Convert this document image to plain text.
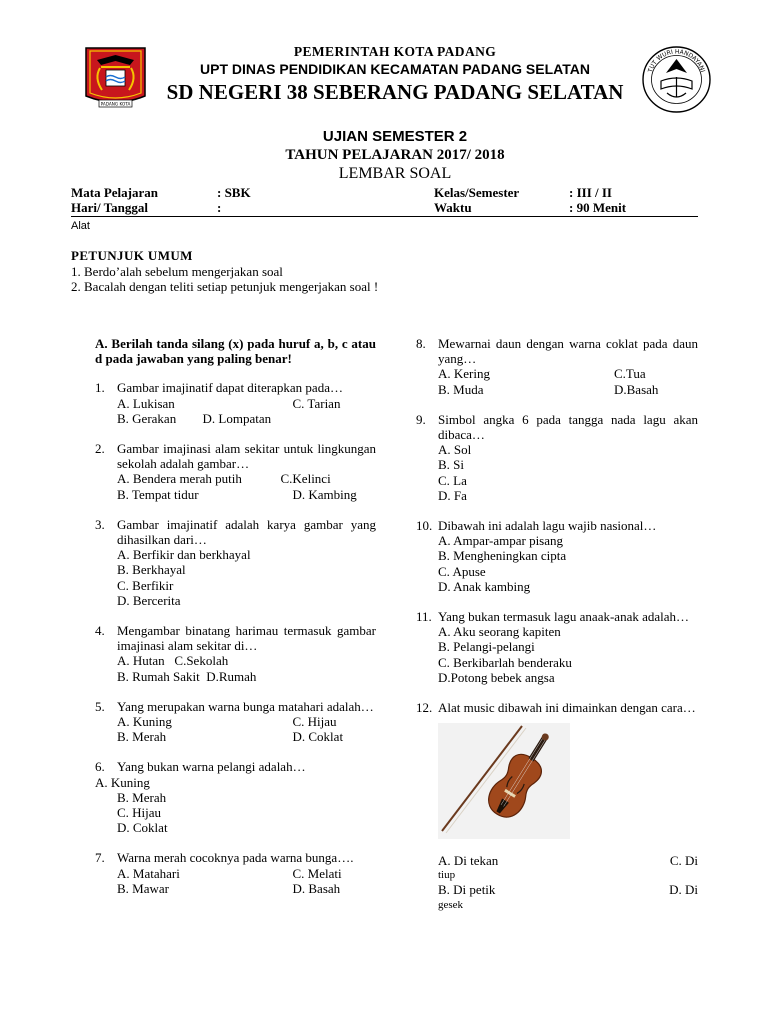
PADANG KOTA
TUT WURI HANDAYANI
PEMERINTAH KOTA PADANG
UPT DINAS PENDIDIKAN KECAMATAN PADANG SELATAN
SD NEGERI 38 SEBERANG PADANG SELATAN
UJIAN SEMESTER 2
TAHUN PELAJARAN 2017/ 2018
LEMBAR SOAL
Mata Pelajaran	: SBK	Kelas/Semester	: III / II
Hari/ Tanggal	:	Waktu	: 90 Menit
Alat
PETUNJUK UMUM
1. Berdo’alah sebelum mengerjakan soal
2. Bacalah dengan teliti setiap petunjuk mengerjakan soal !
A. Berilah tanda silang (x) pada huruf a, b, c atau d pada jawaban yang paling benar!
1. Gambar imajinatif dapat diterapkan pada…
A. Lukisan	C. Tarian
B. Gerakan	D. Lompatan
2. Gambar imajinasi alam sekitar untuk lingkungan sekolah adalah gambar…
A. Bendera merah putih	C.Kelinci
B. Tempat tidur	D. Kambing
3. Gambar imajinatif adalah karya gambar yang dihasilkan dari…
A. Berfikir dan berkhayal
B. Berkhayal
C. Berfikir
D. Bercerita
4. Mengambar binatang harimau termasuk gambar imajinasi alam sekitar di…
A. Hutan   C.Sekolah
B. Rumah Sakit  D.Rumah
5. Yang merupakan warna bunga matahari adalah…
A. Kuning	C. Hijau
B. Merah	D. Coklat
6. Yang bukan warna pelangi adalah…
A. Kuning
B. Merah
C. Hijau
D. Coklat
7. Warna merah cocoknya pada warna bunga….
A. Matahari	C. Melati
B. Mawar	D. Basah
8. Mewarnai daun dengan warna coklat pada daun yang…
A. Kering	C.Tua
B. Muda	D.Basah
9. Simbol angka 6 pada tangga nada lagu akan dibaca…
A. Sol
B. Si
C. La
D. Fa
10. Dibawah ini adalah lagu wajib nasional…
A. Ampar-ampar pisang
B. Mengheningkan cipta
C. Apuse
D. Anak kambing
11. Yang bukan termasuk lagu anaak-anak adalah…
A. Aku seorang kapiten
B. Pelangi-pelangi
C. Berkibarlah benderaku
D.Potong bebek angsa
12. Alat music dibawah ini dimainkan dengan cara…
A. Di tekan	C. Di
tiup
B. Di petik	D. Di
gesek
